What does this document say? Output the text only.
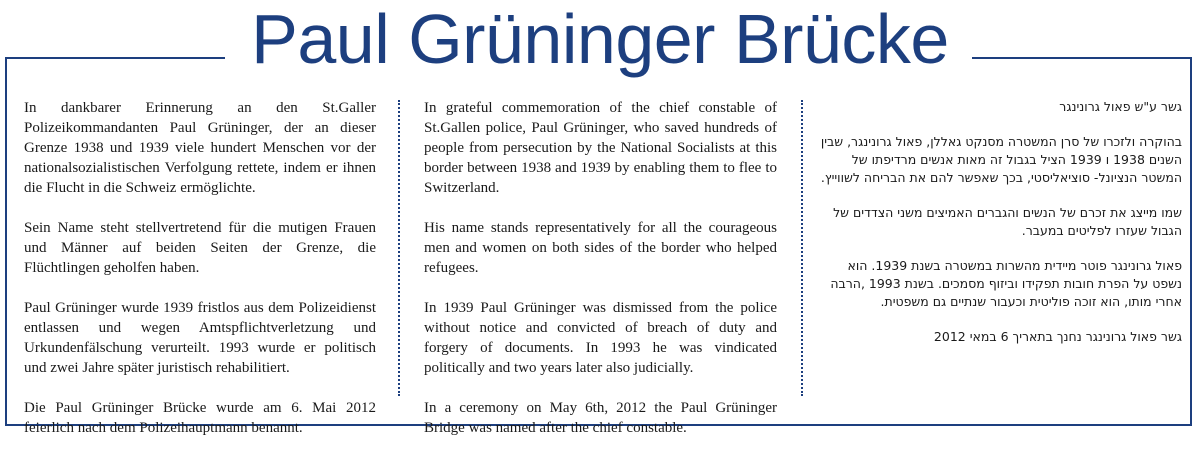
Paul Grüninger Brücke

In dankbarer Erinnerung an den St.Galler Polizeikommandanten Paul Grüninger, der an dieser Grenze 1938 und 1939 viele hundert Menschen vor der nationalsozialistischen Verfolgung rettete, indem er ihnen die Flucht in die Schweiz ermöglichte.

Sein Name steht stellvertretend für die mutigen Frauen und Männer auf beiden Seiten der Grenze, die Flüchtlingen geholfen haben.

Paul Grüninger wurde 1939 fristlos aus dem Polizeidienst entlassen und wegen Amtspflichtverletzung und Urkundenfälschung verurteilt. 1993 wurde er politisch und zwei Jahre später juristisch rehabilitiert.

Die Paul Grüninger Brücke wurde am 6. Mai 2012 feierlich nach dem Polizeihauptmann benannt.

In grateful commemoration of the chief constable of St.Gallen police, Paul Grüninger, who saved hundreds of people from persecution by the National Socialists at this border between 1938 and 1939 by enabling them to flee to Switzerland.

His name stands representatively for all the courageous men and women on both sides of the border who helped refugees.

In 1939 Paul Grüninger was dismissed from the police without notice and convicted of breach of duty and forgery of documents. In 1993 he was vindicated politically and two years later also judicially.

In a ceremony on May 6th, 2012 the Paul Grüninger Bridge was named after the chief constable.

גשר ע"ש פאול גרונינגר

בהוקרה ולזכרו של סרן המשטרה מסנקט גאללן, פאול גרונינגר, שבין השנים 1938 ו 1939 הציל בגבול זה מאות אנשים מרדיפתו של המשטר הנציונל- סוציאליסטי, בכך שאפשר להם את הבריחה לשווייץ.

שמו מייצג את זכרם של הנשים והגברים האמיצים משני הצדדים של הגבול שעזרו לפליטים במעבר.

פאול גרונינגר פוטר מיידית מהשרות במשטרה בשנת 1939. הוא נשפט על הפרת חובות תפקידו וביזוף מסמכים. בשנת 1993 ,הרבה אחרי מותו, הוא זוכה פוליטית וכעבור שנתיים גם משפטית.

גשר פאול גרונינגר נחנך בתאריך 6 במאי 2012
